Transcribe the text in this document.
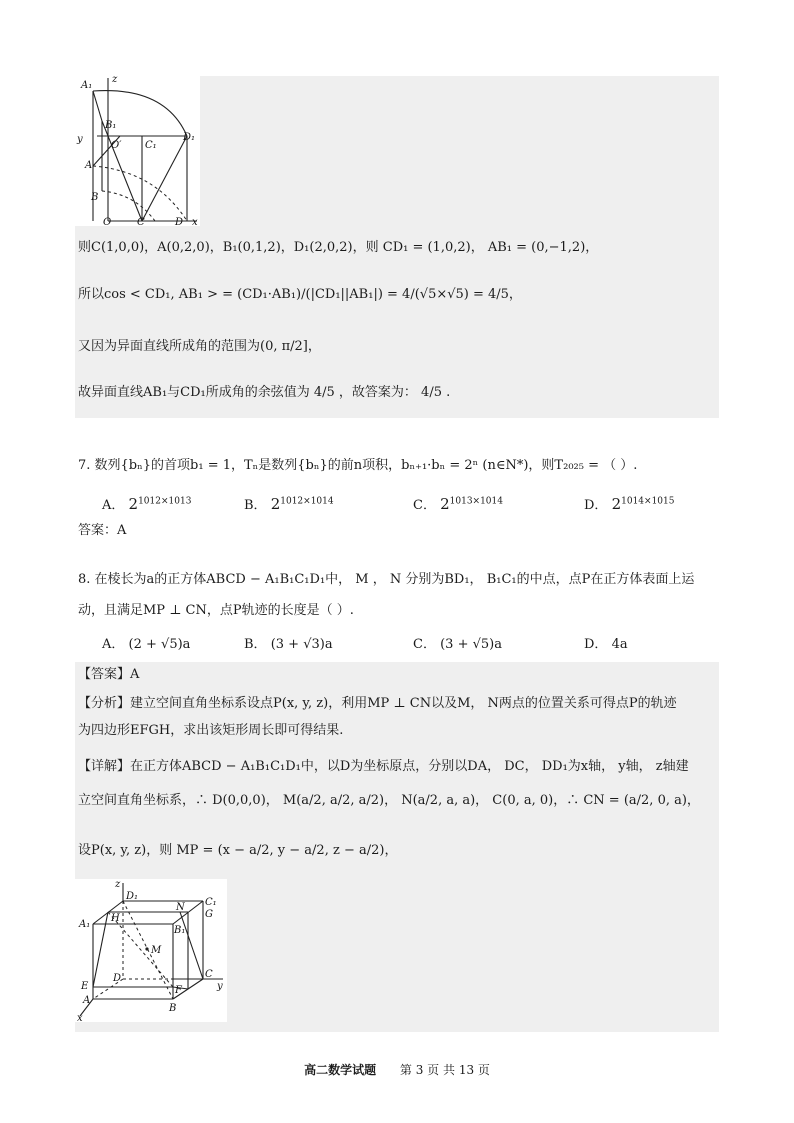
A₁
z
B₁
D₁
y
O′ C₁
A
B
O	C	D x
则C(1,0,0)，A(0,2,0)，B₁(0,1,2)，D₁(2,0,2)，则 CD₁ = (1,0,2)， AB₁ = (0,−1,2)，
所以cos < CD₁, AB₁ > = (CD₁·AB₁)/(|CD₁||AB₁|) = 4/(√5×√5) = 4/5，
又因为异面直线所成角的范围为(0, π/2]，
故异面直线AB₁与CD₁所成角的余弦值为 4/5 ，故答案为： 4/5 .
7. 数列{bₙ}的首项b₁ = 1，Tₙ是数列{bₙ}的前n项积，bₙ₊₁·bₙ = 2ⁿ (n∈N*)，则T₂₀₂₅ = （ ）.
A． $2^{1012\times 1013}$	B． $2^{1012\times 1014}$	C． $2^{1013\times 1014}$	D． $2^{1014\times 1015}$
答案：A
8. 在棱长为a的正方体ABCD − A₁B₁C₁D₁中， M ， N 分别为BD₁， B₁C₁的中点，点P在正方体表面上运
动，且满足MP ⊥ CN，点P轨迹的长度是（ ）.
A． (2 + √5)a	B． (3 + √3)a	C． (3 + √5)a	D． 4a
【答案】A
【分析】建立空间直角坐标系设点P(x, y, z)，利用MP ⊥ CN以及M， N两点的位置关系可得点P的轨迹
为四边形EFGH，求出该矩形周长即可得结果.
【详解】在正方体ABCD − A₁B₁C₁D₁中，以D为坐标原点，分别以DA， DC， DD₁为x轴， y轴， z轴建
立空间直角坐标系，∴ D(0,0,0)， M(a/2, a/2, a/2)， N(a/2, a, a)， C(0, a, 0)，∴ CN = (a/2, 0, a)，
设P(x, y, z)，则 MP = (x − a/2, y − a/2, z − a/2)，
z
D₁
C₁
A₁
H
N
G
B₁
M
D	C
E	F
A
B
y
x
高二数学试题 第 3 页 共 13 页
